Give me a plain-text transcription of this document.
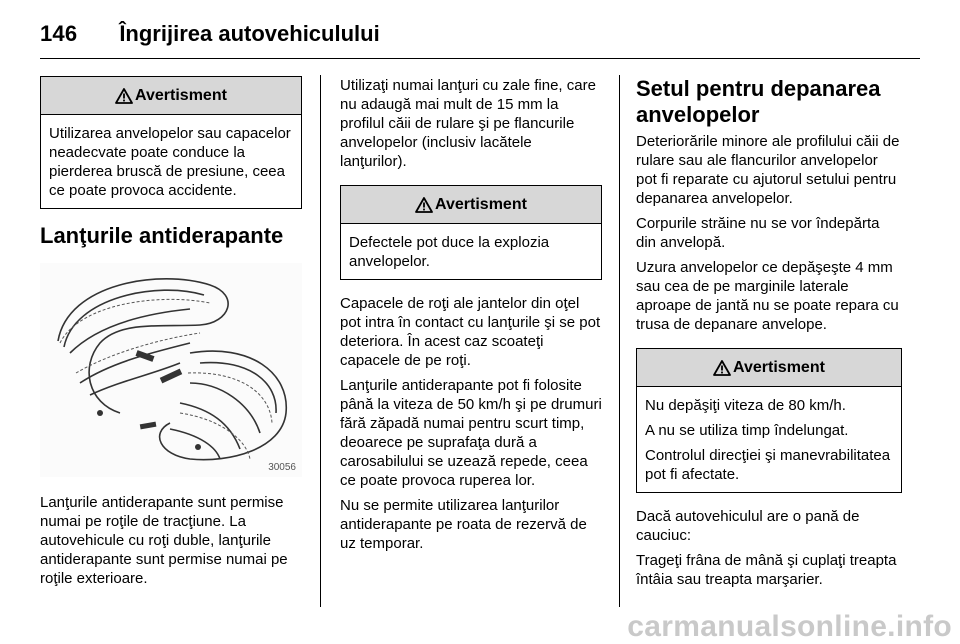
146 Îngrijirea autovehiculului
Avertisment
Utilizarea anvelopelor sau capacelor neadecvate poate conduce la pierderea bruscă de presiune, ceea ce poate provoca accidente.
Lanţurile antiderapante
30056

Lanţurile antiderapante sunt permise numai pe roţile de tracţiune. La autovehicule cu roţi duble, lanţurile antiderapante sunt permise numai pe roţile exterioare.

Utilizaţi numai lanţuri cu zale fine, care nu adaugă mai mult de 15 mm la profilul căii de rulare şi pe flancurile anvelopelor (inclusiv lacătele lanţurilor).

Avertisment
Defectele pot duce la explozia anvelopelor.

Capacele de roţi ale jantelor din oţel pot intra în contact cu lanţurile şi se pot deteriora. În acest caz scoateţi capacele de pe roţi.

Lanţurile antiderapante pot fi folosite până la viteza de 50 km/h şi pe drumuri fără zăpadă numai pentru scurt timp, deoarece pe suprafaţa dură a carosabilului se uzează repede, ceea ce poate provoca ruperea lor.

Nu se permite utilizarea lanţurilor antiderapante pe roata de rezervă de uz temporar.

Setul pentru depanarea anvelopelor

Deteriorările minore ale profilului căii de rulare sau ale flancurilor anvelopelor pot fi reparate cu ajutorul setului pentru depanarea anvelopelor.

Corpurile străine nu se vor îndepărta din anvelopă.

Uzura anvelopelor ce depăşeşte 4 mm sau cea de pe marginile laterale aproape de jantă nu se poate repara cu trusa de depanare anvelope.

Avertisment
Nu depăşiţi viteza de 80 km/h.
A nu se utiliza timp îndelungat.
Controlul direcţiei şi manevrabilitatea pot fi afectate.

Dacă autovehiculul are o pană de cauciuc:

Trageţi frâna de mână şi cuplaţi treapta întâia sau treapta marşarier.

carmanualsonline.info
